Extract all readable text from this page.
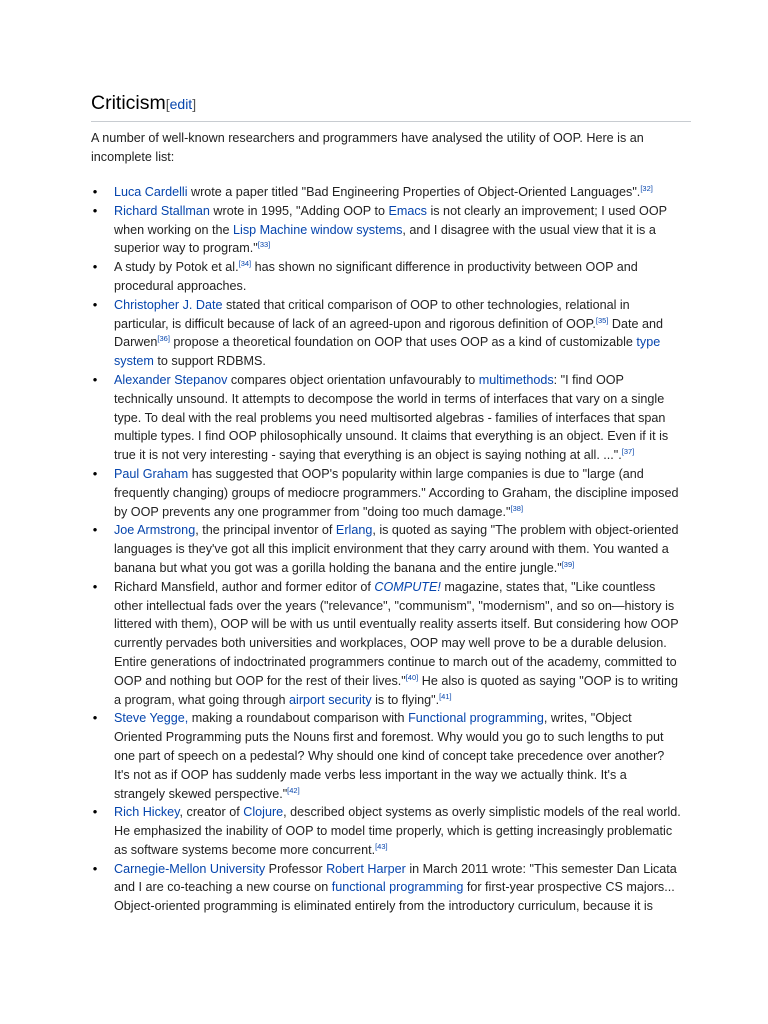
Criticism[edit]

A number of well-known researchers and programmers have analysed the utility of OOP. Here is an incomplete list:

•
Luca Cardelli wrote a paper titled "Bad Engineering Properties of Object-Oriented Languages".[32]
•
Richard Stallman wrote in 1995, "Adding OOP to Emacs is not clearly an improvement; I used OOP when working on the Lisp Machine window systems, and I disagree with the usual view that it is a superior way to program."[33]
•
A study by Potok et al.[34] has shown no significant difference in productivity between OOP and procedural approaches.
•
Christopher J. Date stated that critical comparison of OOP to other technologies, relational in particular, is difficult because of lack of an agreed-upon and rigorous definition of OOP.[35] Date and Darwen[36] propose a theoretical foundation on OOP that uses OOP as a kind of customizable type system to support RDBMS.
•
Alexander Stepanov compares object orientation unfavourably to multimethods: "I find OOP technically unsound. It attempts to decompose the world in terms of interfaces that vary on a single type. To deal with the real problems you need multisorted algebras - families of interfaces that span multiple types. I find OOP philosophically unsound. It claims that everything is an object. Even if it is true it is not very interesting - saying that everything is an object is saying nothing at all. ...".[37]
•
Paul Graham has suggested that OOP's popularity within large companies is due to "large (and frequently changing) groups of mediocre programmers." According to Graham, the discipline imposed by OOP prevents any one programmer from "doing too much damage."[38]
•
Joe Armstrong, the principal inventor of Erlang, is quoted as saying "The problem with object-oriented languages is they've got all this implicit environment that they carry around with them. You wanted a banana but what you got was a gorilla holding the banana and the entire jungle."[39]
•
Richard Mansfield, author and former editor of COMPUTE! magazine, states that, "Like countless other intellectual fads over the years ("relevance", "communism", "modernism", and so on—history is littered with them), OOP will be with us until eventually reality asserts itself. But considering how OOP currently pervades both universities and workplaces, OOP may well prove to be a durable delusion. Entire generations of indoctrinated programmers continue to march out of the academy, committed to OOP and nothing but OOP for the rest of their lives."[40] He also is quoted as saying "OOP is to writing a program, what going through airport security is to flying".[41]
•
Steve Yegge, making a roundabout comparison with Functional programming, writes, "Object Oriented Programming puts the Nouns first and foremost. Why would you go to such lengths to put one part of speech on a pedestal? Why should one kind of concept take precedence over another? It's not as if OOP has suddenly made verbs less important in the way we actually think. It's a strangely skewed perspective."[42]
•
Rich Hickey, creator of Clojure, described object systems as overly simplistic models of the real world. He emphasized the inability of OOP to model time properly, which is getting increasingly problematic as software systems become more concurrent.[43]
•
Carnegie-Mellon University Professor Robert Harper in March 2011 wrote: "This semester Dan Licata and I are co-teaching a new course on functional programming for first-year prospective CS majors... Object-oriented programming is eliminated entirely from the introductory curriculum, because it is
